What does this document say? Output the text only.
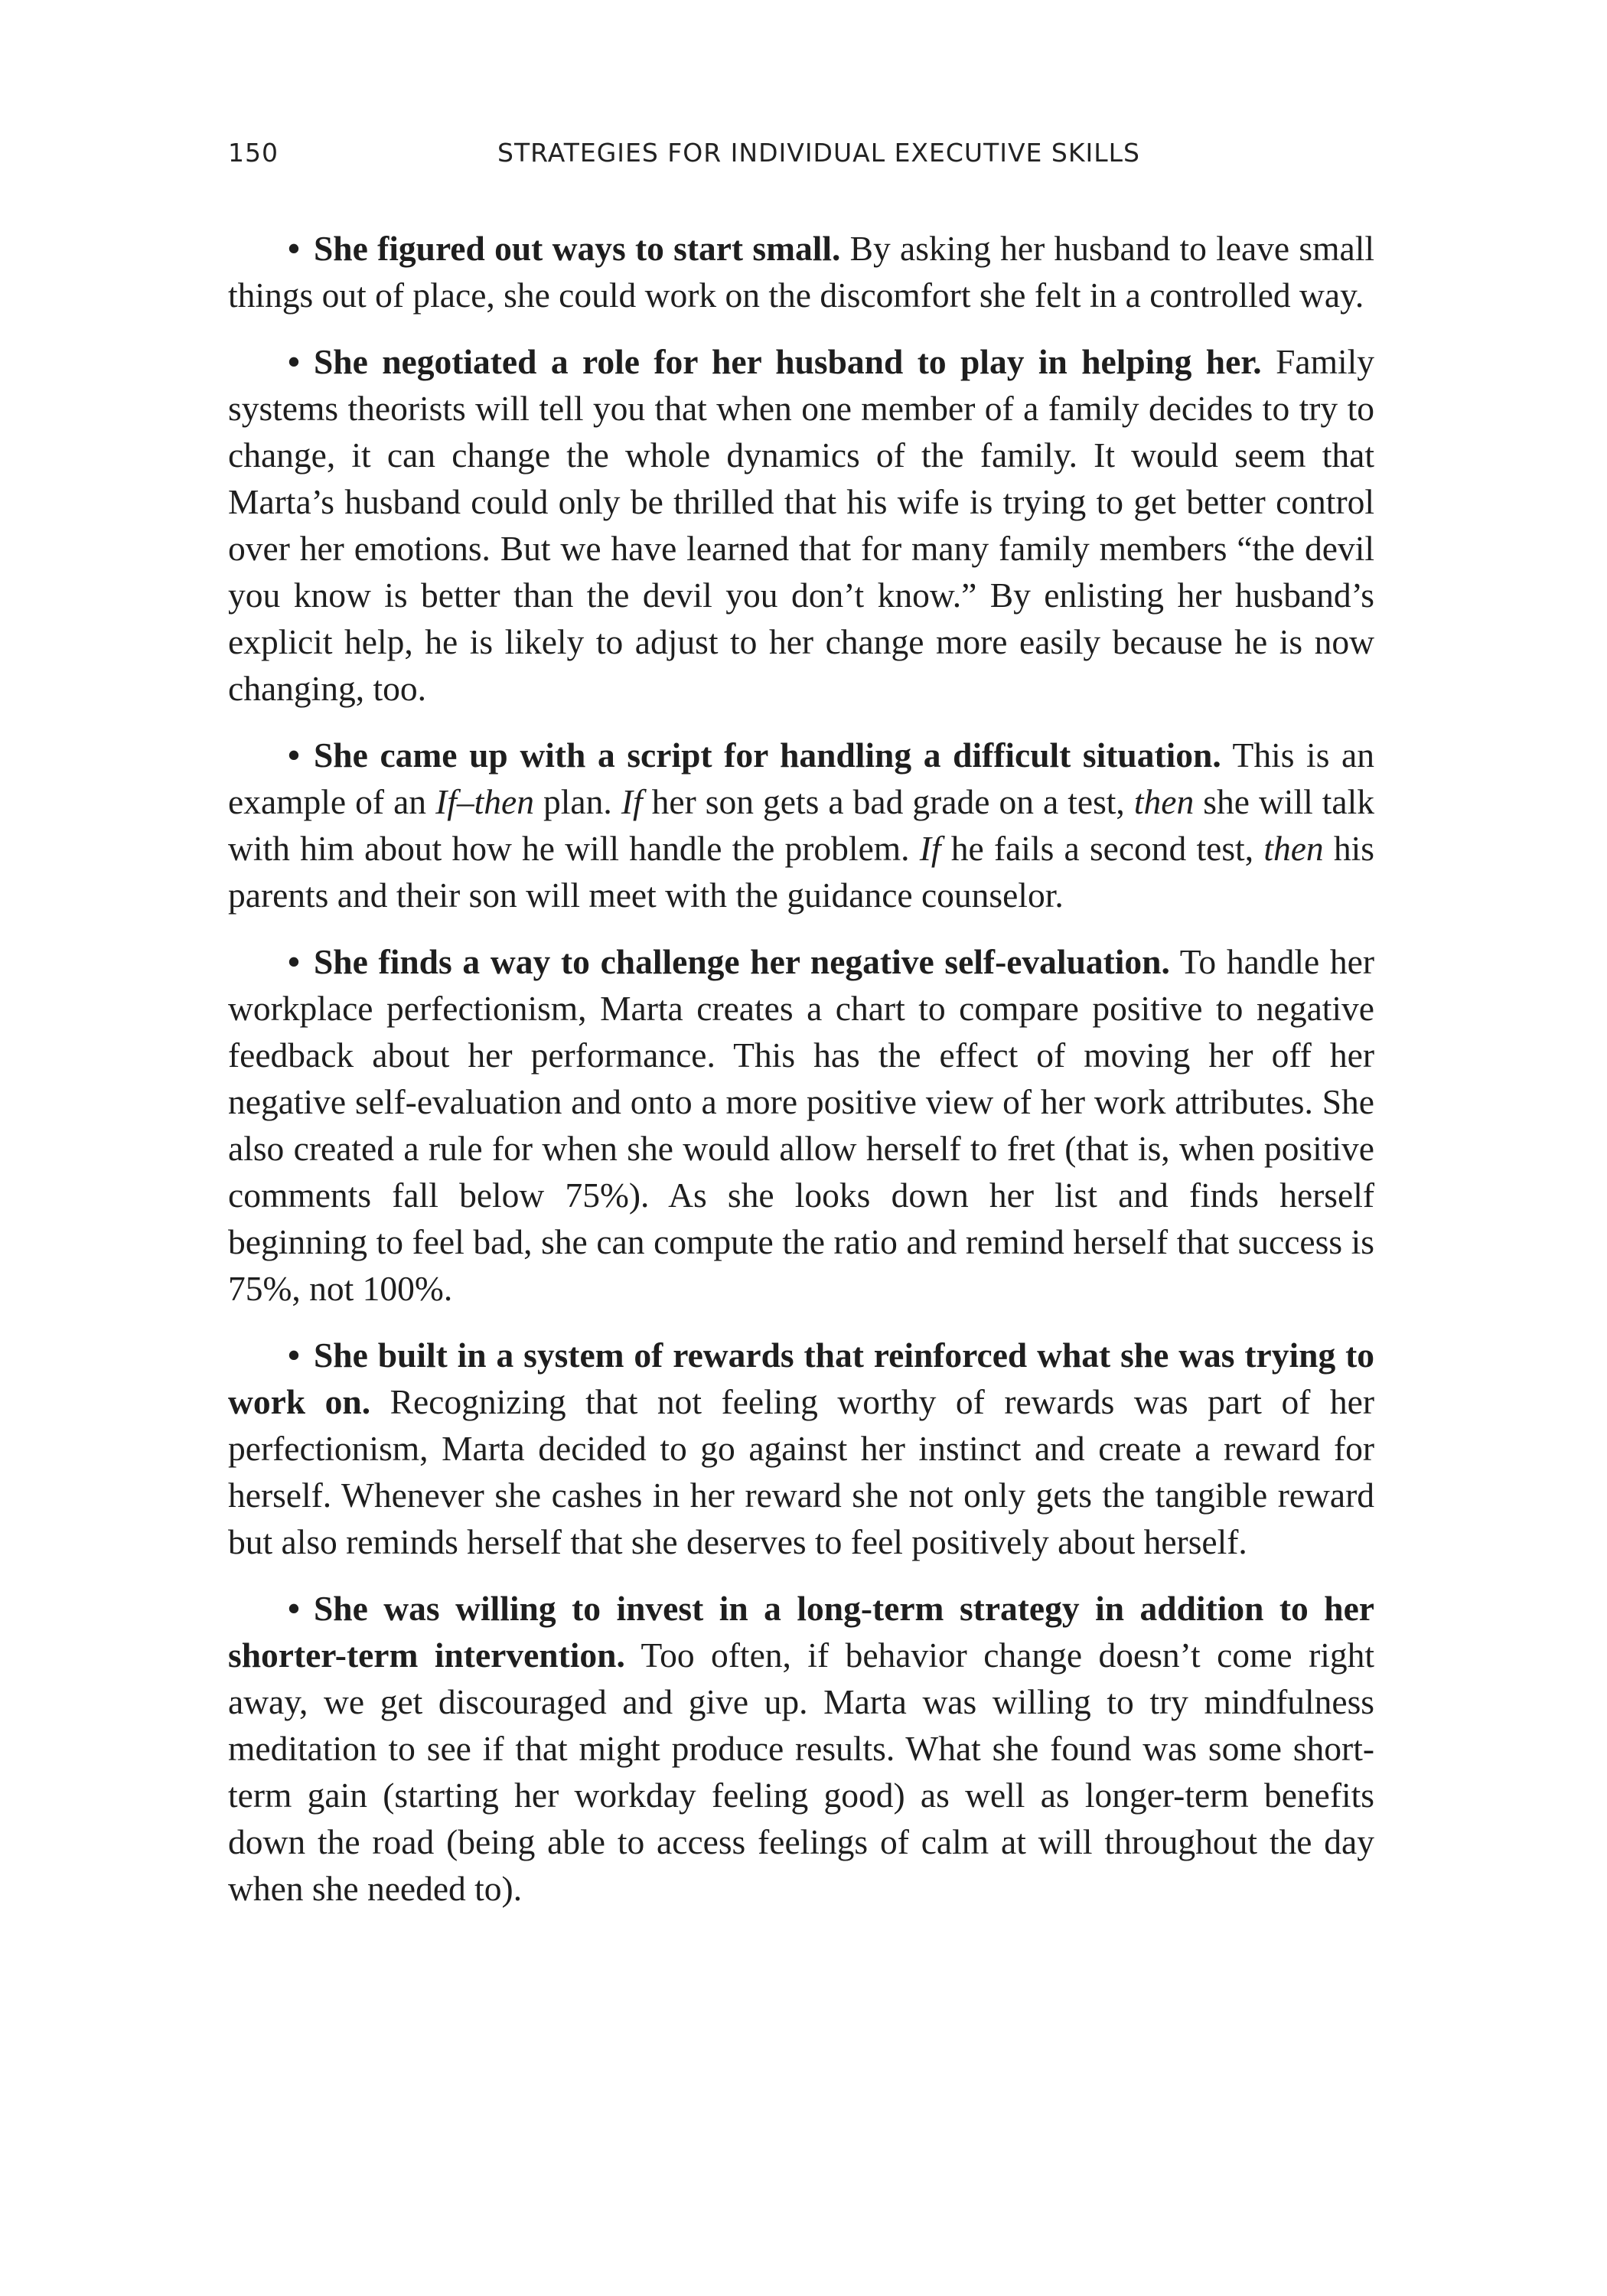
150	STRATEGIES FOR INDIVIDUAL EXECUTIVE SKILLS

• She figured out ways to start small. By asking her husband to leave small things out of place, she could work on the discomfort she felt in a controlled way.

• She negotiated a role for her husband to play in helping her. Family systems theorists will tell you that when one member of a family decides to try to change, it can change the whole dynamics of the family. It would seem that Marta’s husband could only be thrilled that his wife is trying to get better control over her emotions. But we have learned that for many family members “the devil you know is better than the devil you don’t know.” By enlisting her husband’s explicit help, he is likely to adjust to her change more easily because he is now changing, too.

• She came up with a script for handling a difficult situation. This is an example of an If–then plan. If her son gets a bad grade on a test, then she will talk with him about how he will handle the problem. If he fails a second test, then his parents and their son will meet with the guidance counselor.

• She finds a way to challenge her negative self-evaluation. To handle her workplace perfectionism, Marta creates a chart to compare positive to negative feedback about her performance. This has the effect of moving her off her negative self-evaluation and onto a more positive view of her work attributes. She also created a rule for when she would allow herself to fret (that is, when positive comments fall below 75%). As she looks down her list and finds herself beginning to feel bad, she can compute the ratio and remind herself that success is 75%, not 100%.

• She built in a system of rewards that reinforced what she was trying to work on. Recognizing that not feeling worthy of rewards was part of her perfectionism, Marta decided to go against her instinct and create a reward for herself. Whenever she cashes in her reward she not only gets the tangible reward but also reminds herself that she deserves to feel positively about herself.

• She was willing to invest in a long-term strategy in addition to her shorter-term intervention. Too often, if behavior change doesn’t come right away, we get discouraged and give up. Marta was willing to try mindfulness meditation to see if that might produce results. What she found was some short-term gain (starting her workday feeling good) as well as longer-term benefits down the road (being able to access feelings of calm at will throughout the day when she needed to).
